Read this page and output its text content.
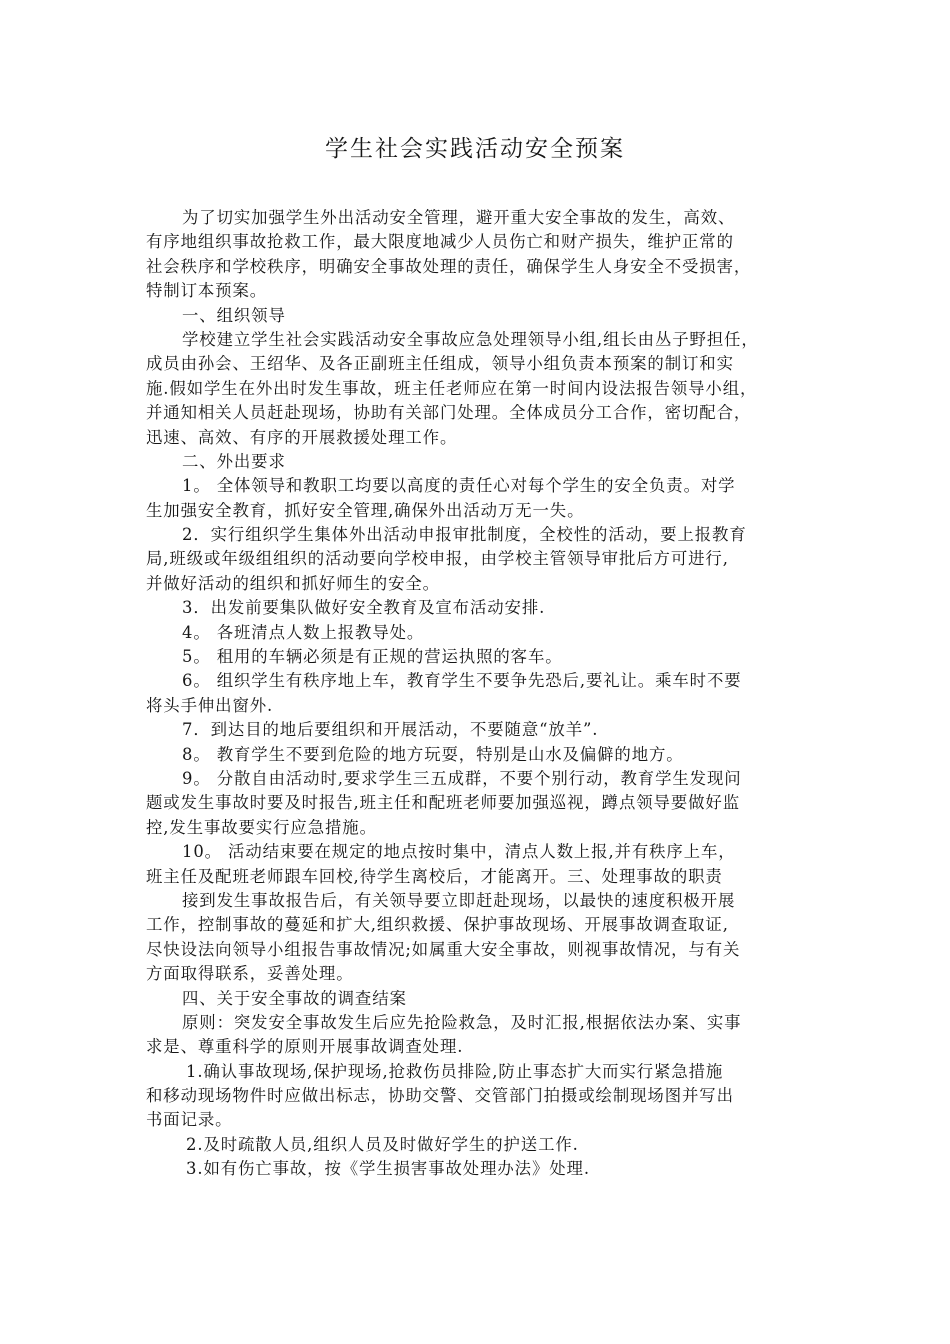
学生社会实践活动安全预案
为了切实加强学生外出活动安全管理，避开重大安全事故的发生，高效、
有序地组织事故抢救工作，最大限度地减少人员伤亡和财产损失，维护正常的
社会秩序和学校秩序，明确安全事故处理的责任，确保学生人身安全不受损害，
特制订本预案。
一、组织领导
学校建立学生社会实践活动安全事故应急处理领导小组,组长由丛子野担任，
成员由孙会、王绍华、及各正副班主任组成，领导小组负责本预案的制订和实
施.假如学生在外出时发生事故，班主任老师应在第一时间内设法报告领导小组，
并通知相关人员赶赴现场，协助有关部门处理。全体成员分工合作，密切配合，
迅速、高效、有序的开展救援处理工作。
二、外出要求
1。 全体领导和教职工均要以高度的责任心对每个学生的安全负责。对学
生加强安全教育，抓好安全管理,确保外出活动万无一失。
2．实行组织学生集体外出活动申报审批制度，全校性的活动，要上报教育
局,班级或年级组组织的活动要向学校申报，由学校主管领导审批后方可进行,
并做好活动的组织和抓好师生的安全。
3．出发前要集队做好安全教育及宣布活动安排.
4。 各班清点人数上报教导处。
5。 租用的车辆必须是有正规的营运执照的客车。
6。 组织学生有秩序地上车，教育学生不要争先恐后,要礼让。乘车时不要
将头手伸出窗外.
7．到达目的地后要组织和开展活动，不要随意“放羊”.
8。 教育学生不要到危险的地方玩耍，特别是山水及偏僻的地方。
9。 分散自由活动时,要求学生三五成群，不要个别行动，教育学生发现问
题或发生事故时要及时报告,班主任和配班老师要加强巡视，蹲点领导要做好监
控,发生事故要实行应急措施。
10。 活动结束要在规定的地点按时集中，清点人数上报,并有秩序上车，
班主任及配班老师跟车回校,待学生离校后，才能离开。三、处理事故的职责
接到发生事故报告后，有关领导要立即赶赴现场，以最快的速度积极开展
工作，控制事故的蔓延和扩大,组织救援、保护事故现场、开展事故调查取证,
尽快设法向领导小组报告事故情况;如属重大安全事故，则视事故情况，与有关
方面取得联系，妥善处理。
四、关于安全事故的调查结案
原则：突发安全事故发生后应先抢险救急，及时汇报,根据依法办案、实事
求是、尊重科学的原则开展事故调查处理.
1.确认事故现场,保护现场,抢救伤员排险,防止事态扩大而实行紧急措施
和移动现场物件时应做出标志，协助交警、交管部门拍摄或绘制现场图并写出
书面记录。
2.及时疏散人员,组织人员及时做好学生的护送工作.
3.如有伤亡事故，按《学生损害事故处理办法》处理.
